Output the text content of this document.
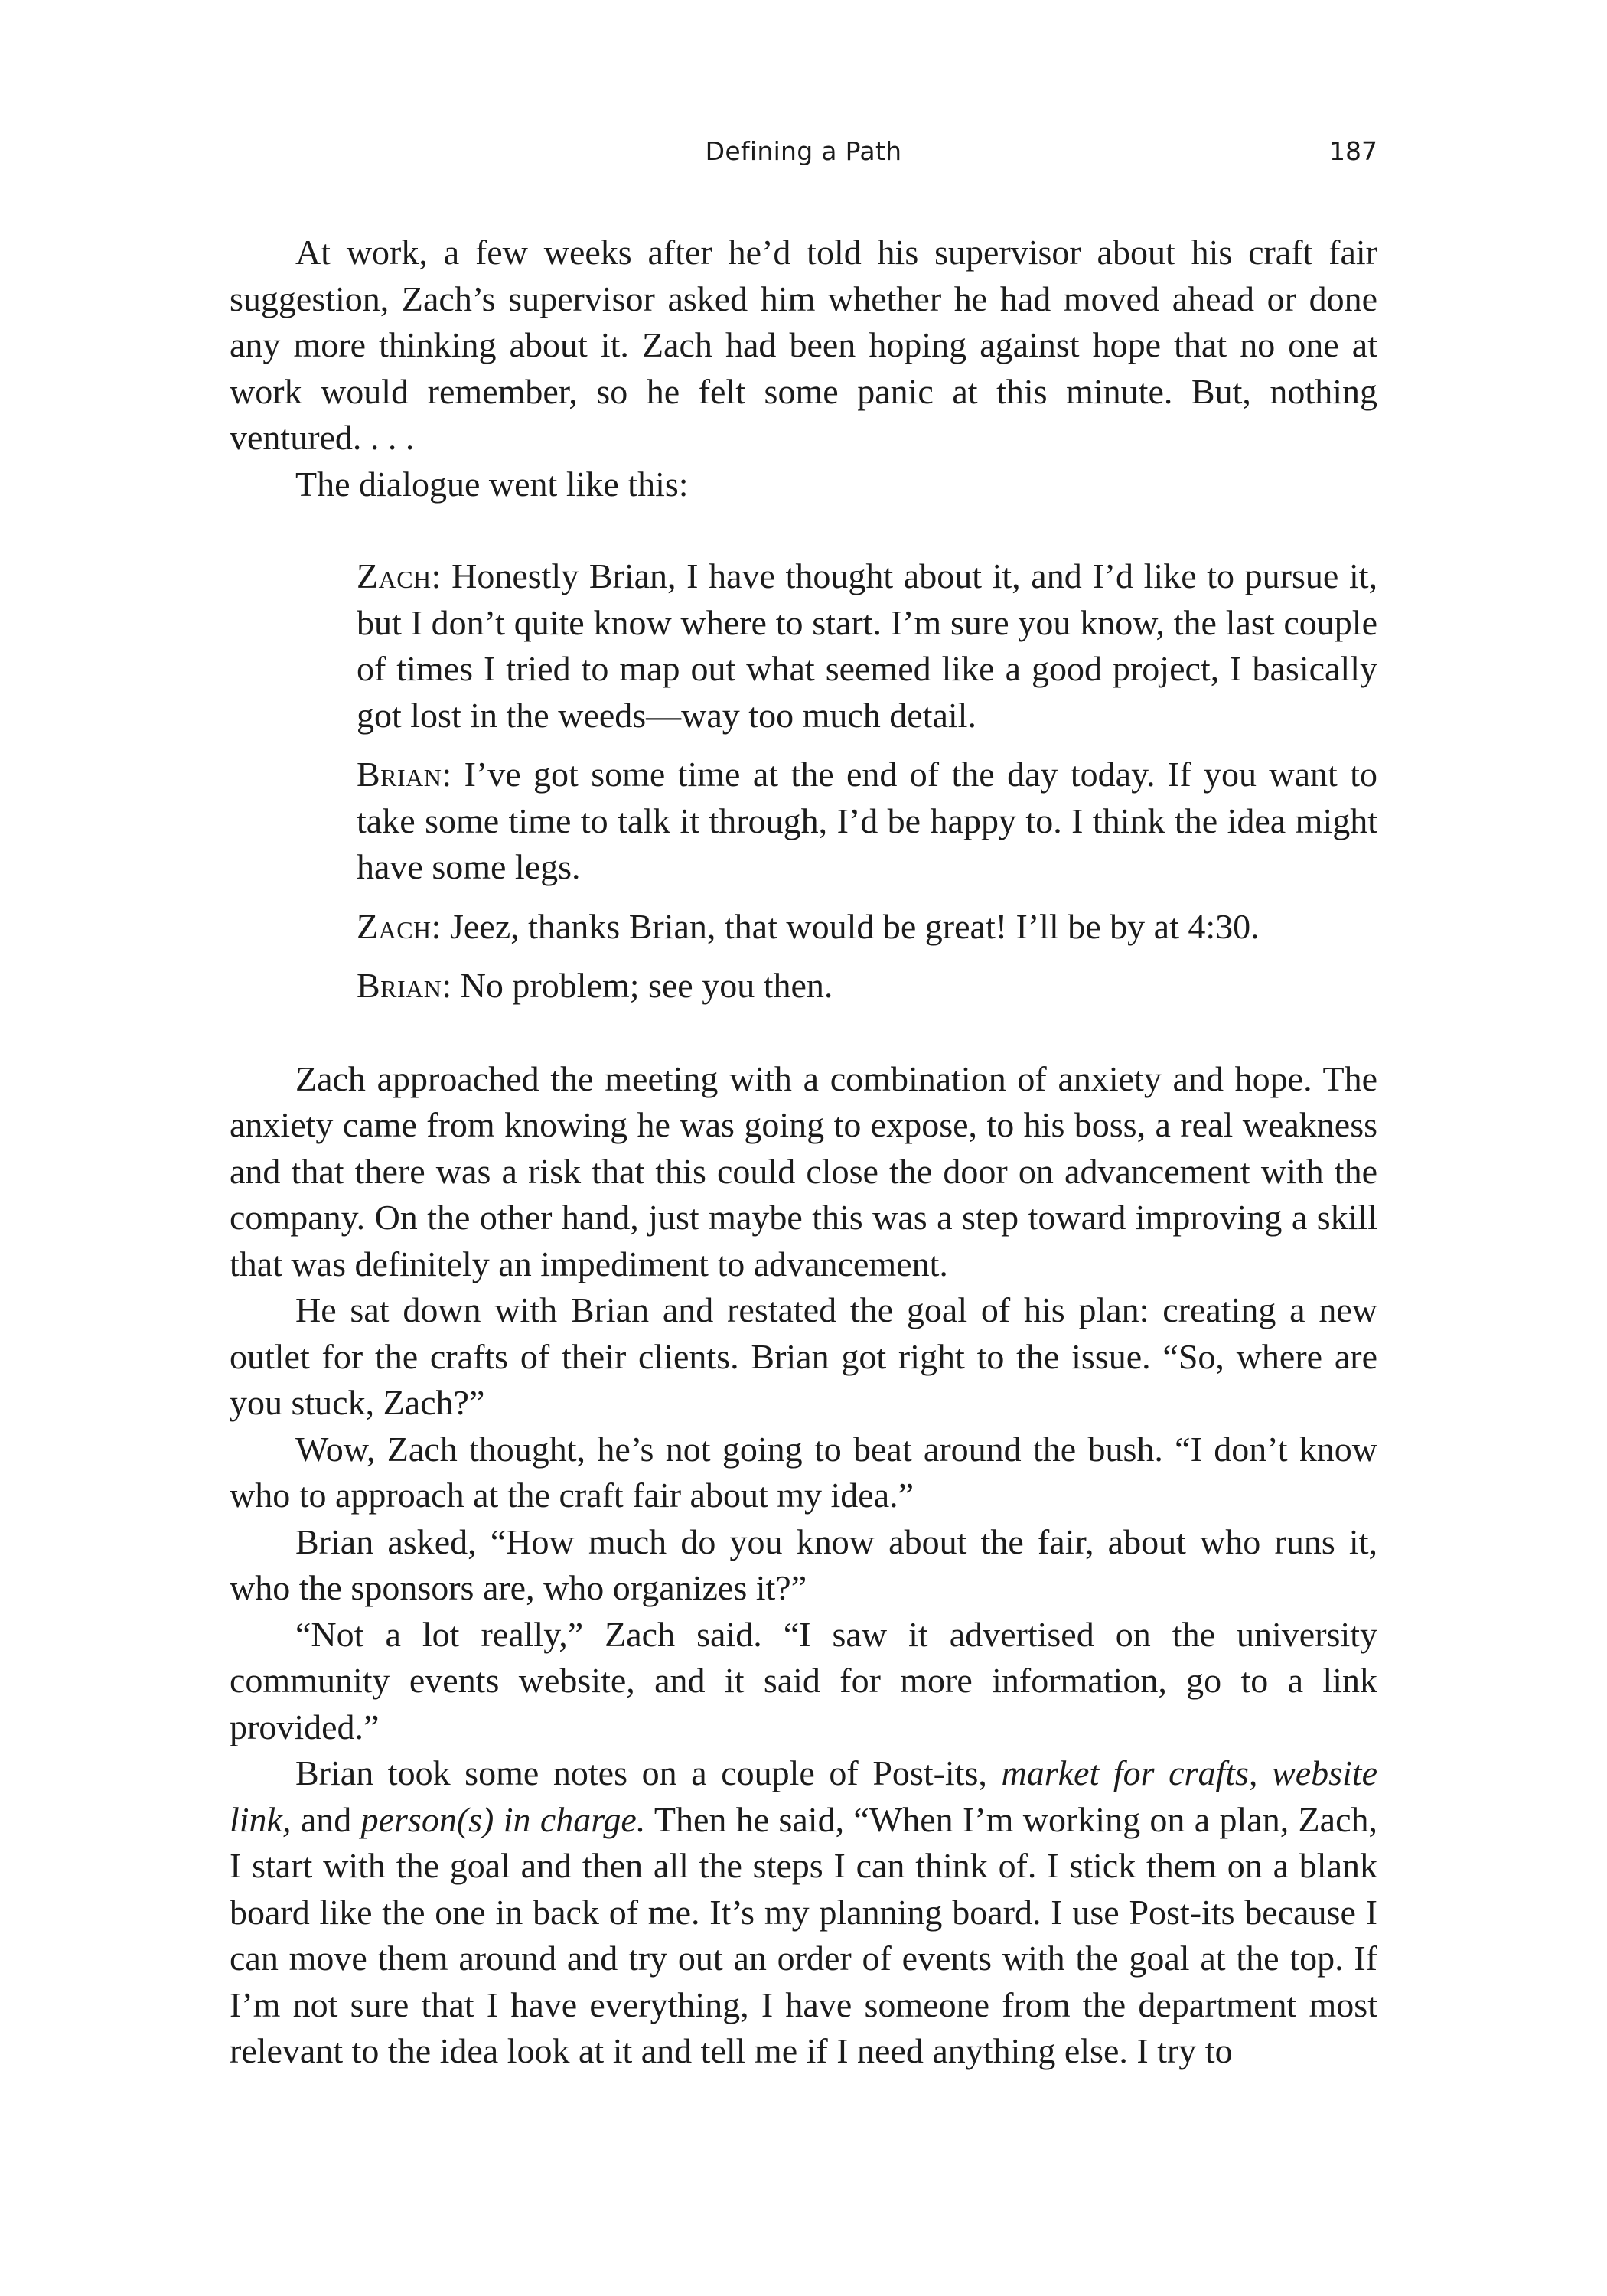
Defining a Path	187

At work, a few weeks after he’d told his supervisor about his craft fair suggestion, Zach’s supervisor asked him whether he had moved ahead or done any more thinking about it. Zach had been hoping against hope that no one at work would remember, so he felt some panic at this minute. But, nothing ventured. . . .

The dialogue went like this:

Zach: Honestly Brian, I have thought about it, and I’d like to pursue it, but I don’t quite know where to start. I’m sure you know, the last couple of times I tried to map out what seemed like a good project, I basically got lost in the weeds—way too much detail.

Brian: I’ve got some time at the end of the day today. If you want to take some time to talk it through, I’d be happy to. I think the idea might have some legs.

Zach: Jeez, thanks Brian, that would be great! I’ll be by at 4:30.

Brian: No problem; see you then.

Zach approached the meeting with a combination of anxiety and hope. The anxiety came from knowing he was going to expose, to his boss, a real weakness and that there was a risk that this could close the door on advancement with the company. On the other hand, just maybe this was a step toward improving a skill that was definitely an impediment to advancement.

He sat down with Brian and restated the goal of his plan: creating a new outlet for the crafts of their clients. Brian got right to the issue. “So, where are you stuck, Zach?”

Wow, Zach thought, he’s not going to beat around the bush. “I don’t know who to approach at the craft fair about my idea.”

Brian asked, “How much do you know about the fair, about who runs it, who the sponsors are, who organizes it?”

“Not a lot really,” Zach said. “I saw it advertised on the university community events website, and it said for more information, go to a link provided.”

Brian took some notes on a couple of Post-its, market for crafts, website link, and person(s) in charge. Then he said, “When I’m working on a plan, Zach, I start with the goal and then all the steps I can think of. I stick them on a blank board like the one in back of me. It’s my planning board. I use Post-its because I can move them around and try out an order of events with the goal at the top. If I’m not sure that I have everything, I have someone from the department most relevant to the idea look at it and tell me if I need anything else. I try to
